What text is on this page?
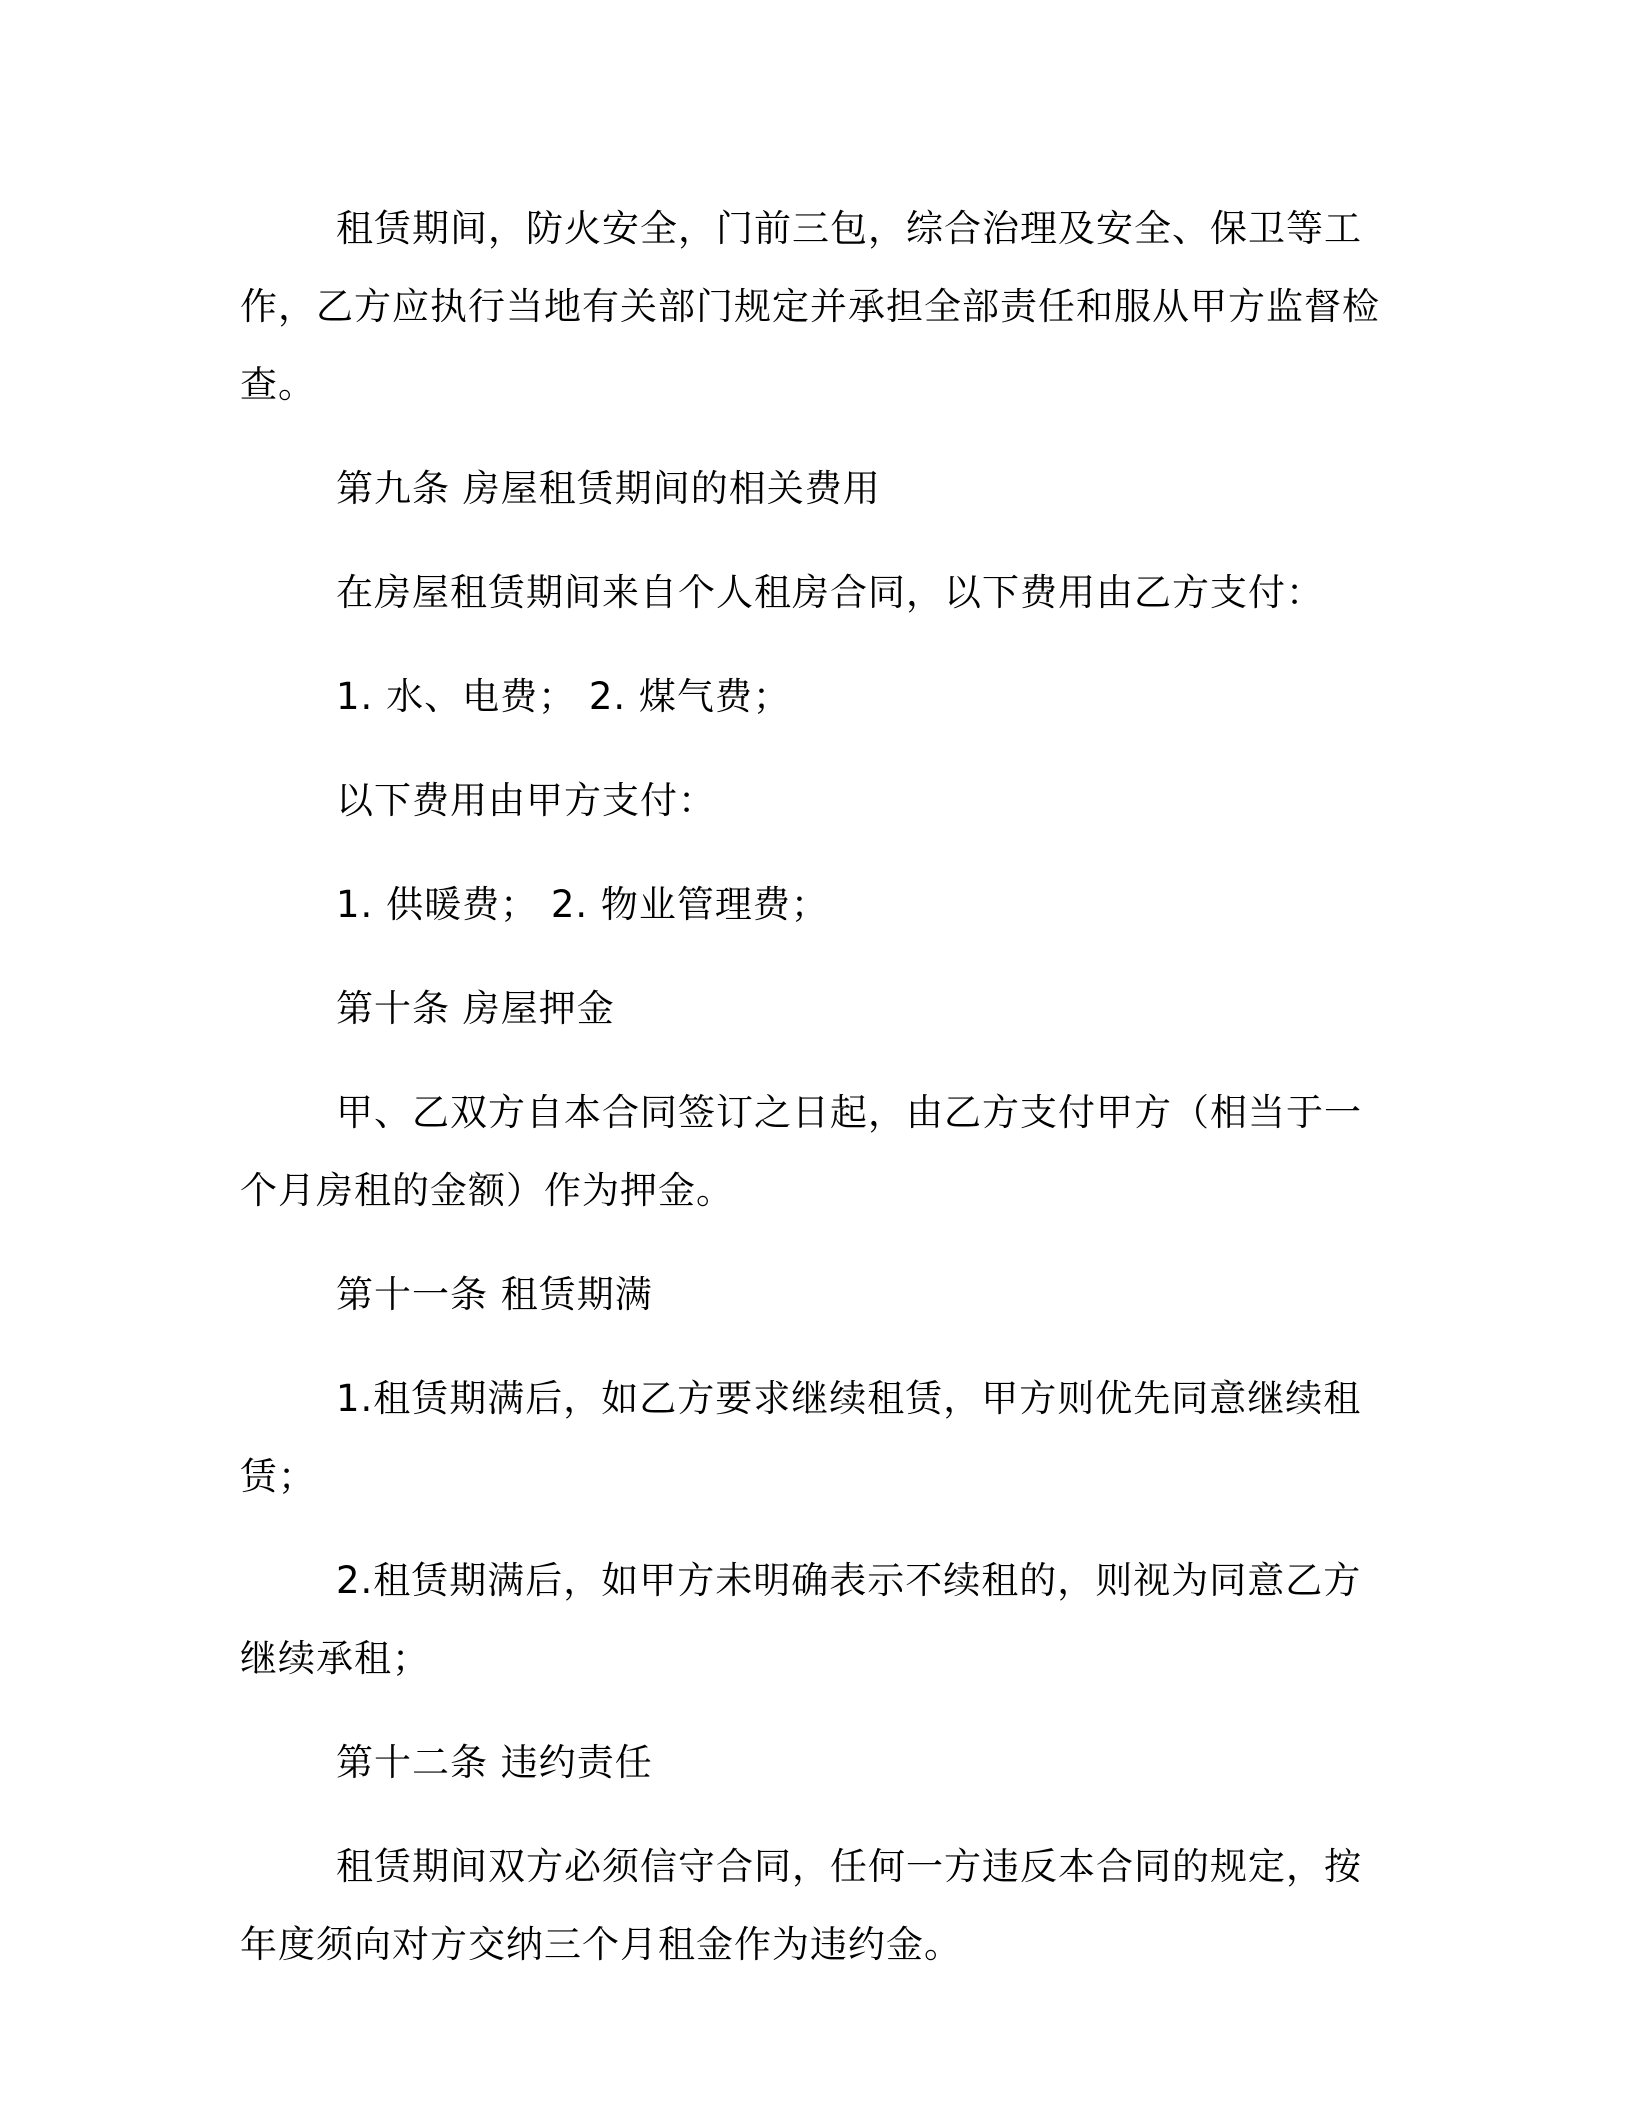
租赁期间，防火安全，门前三包，综合治理及安全、保卫等工作，乙方应执行当地有关部门规定并承担全部责任和服从甲方监督检查。

第九条 房屋租赁期间的相关费用

在房屋租赁期间来自个人租房合同，以下费用由乙方支付：

1. 水、电费； 2. 煤气费；

以下费用由甲方支付：

1. 供暖费； 2. 物业管理费；

第十条 房屋押金

甲、乙双方自本合同签订之日起，由乙方支付甲方（相当于一个月房租的金额）作为押金。

第十一条 租赁期满

1.租赁期满后，如乙方要求继续租赁，甲方则优先同意继续租赁；

2.租赁期满后，如甲方未明确表示不续租的，则视为同意乙方继续承租；

第十二条 违约责任

租赁期间双方必须信守合同，任何一方违反本合同的规定，按年度须向对方交纳三个月租金作为违约金。
